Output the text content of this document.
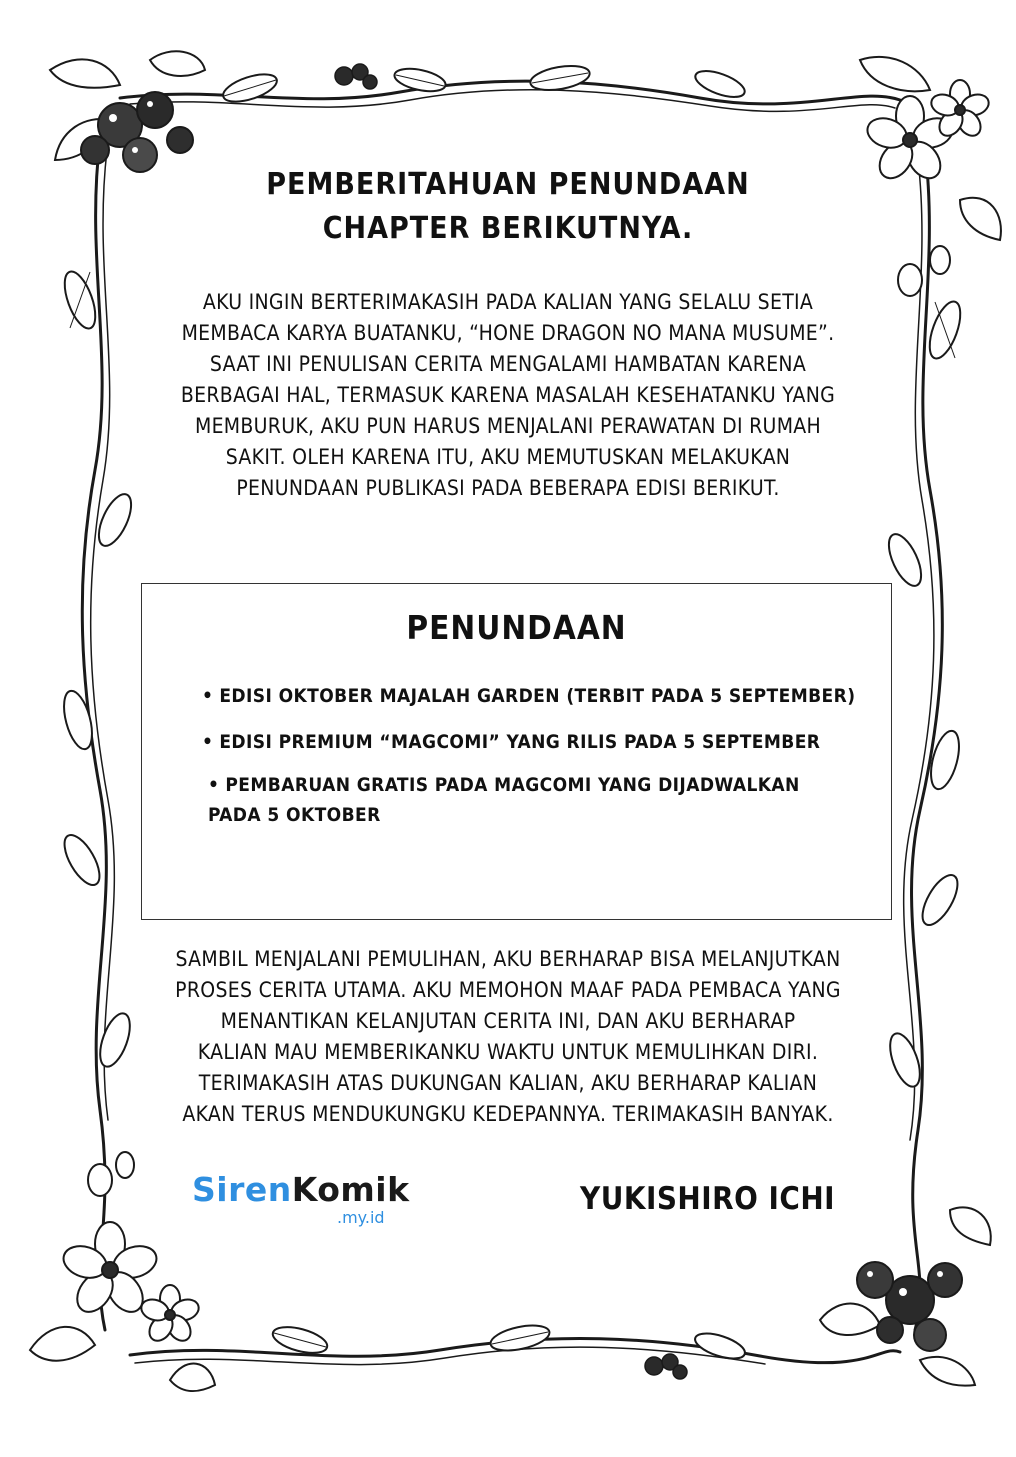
PEMBERITAHUAN PENUNDAAN
CHAPTER BERIKUTNYA.
AKU INGIN BERTERIMAKASIH PADA KALIAN YANG SELALU SETIA
MEMBACA KARYA BUATANKU, “HONE DRAGON NO MANA MUSUME”.
SAAT INI PENULISAN CERITA MENGALAMI HAMBATAN KARENA
BERBAGAI HAL, TERMASUK KARENA MASALAH KESEHATANKU YANG
MEMBURUK, AKU PUN HARUS MENJALANI PERAWATAN DI RUMAH
SAKIT. OLEH KARENA ITU, AKU MEMUTUSKAN MELAKUKAN
PENUNDAAN PUBLIKASI PADA BEBERAPA EDISI BERIKUT.
PENUNDAAN
• EDISI OKTOBER MAJALAH GARDEN (TERBIT PADA 5 SEPTEMBER)
• EDISI PREMIUM “MAGCOMI” YANG RILIS PADA 5 SEPTEMBER
• PEMBARUAN GRATIS PADA MAGCOMI YANG DIJADWALKAN
PADA 5 OKTOBER
SAMBIL MENJALANI PEMULIHAN, AKU BERHARAP BISA MELANJUTKAN
PROSES CERITA UTAMA. AKU MEMOHON MAAF PADA PEMBACA YANG
MENANTIKAN KELANJUTAN CERITA INI, DAN AKU BERHARAP
KALIAN MAU MEMBERIKANKU WAKTU UNTUK MEMULIHKAN DIRI.
TERIMAKASIH ATAS DUKUNGAN KALIAN, AKU BERHARAP KALIAN
AKAN TERUS MENDUKUNGKU KEDEPANNYA. TERIMAKASIH BANYAK.
SirenKomik
.my.id
YUKISHIRO ICHI
